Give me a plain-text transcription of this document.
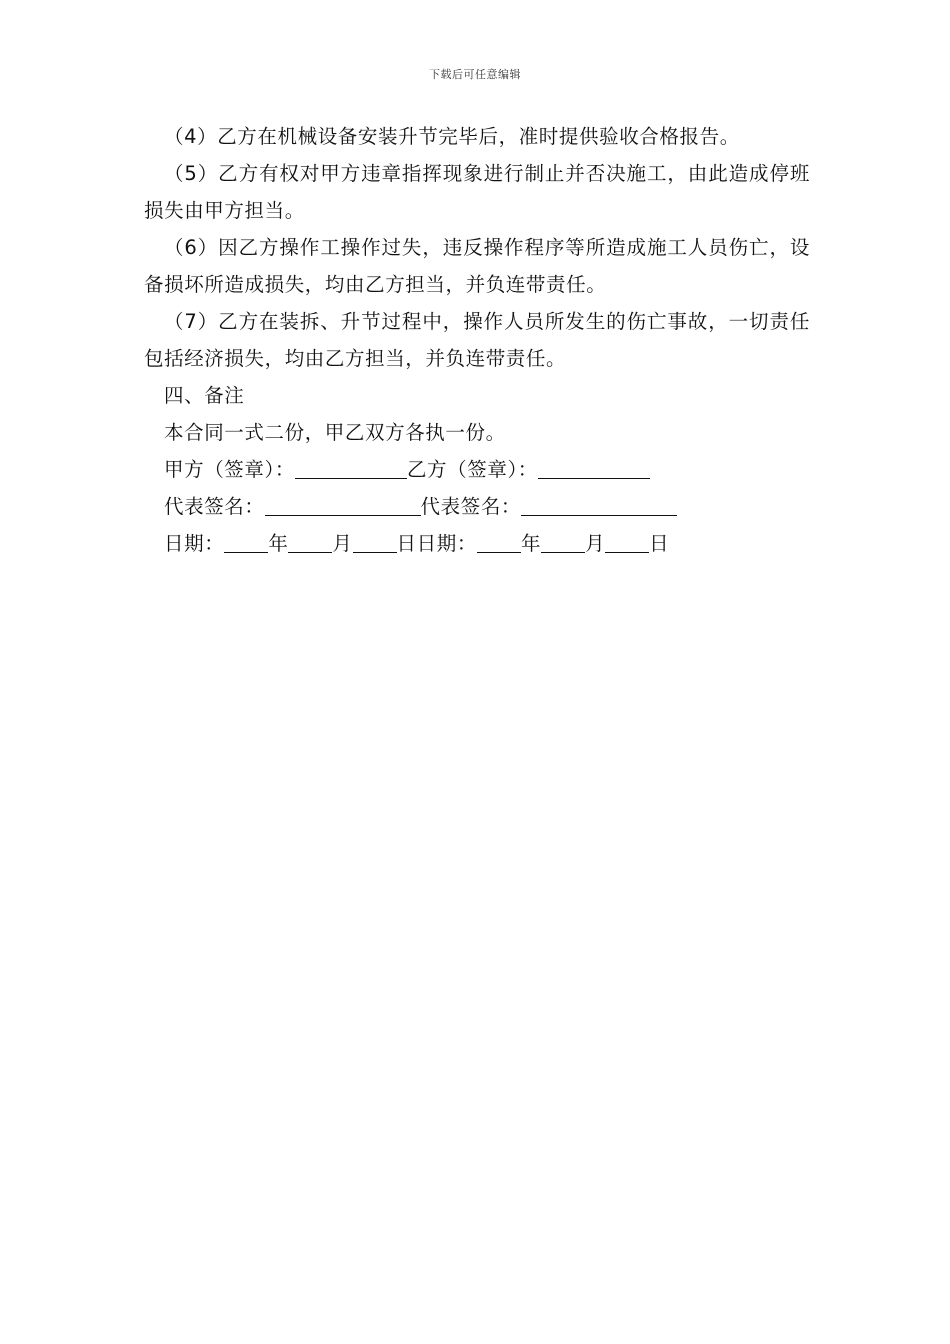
下载后可任意编辑

（4）乙方在机械设备安装升节完毕后，准时提供验收合格报告。

（5）乙方有权对甲方违章指挥现象进行制止并否决施工，由此造成停班损失由甲方担当。

（6）因乙方操作工操作过失，违反操作程序等所造成施工人员伤亡，设备损坏所造成损失，均由乙方担当，并负连带责任。

（7）乙方在装拆、升节过程中，操作人员所发生的伤亡事故，一切责任包括经济损失，均由乙方担当，并负连带责任。

四、备注

本合同一式二份，甲乙双方各执一份。

甲方（签章）：	乙方（签章）：

代表签名：	代表签名：

日期： 年 月 日日期： 年 月 日
